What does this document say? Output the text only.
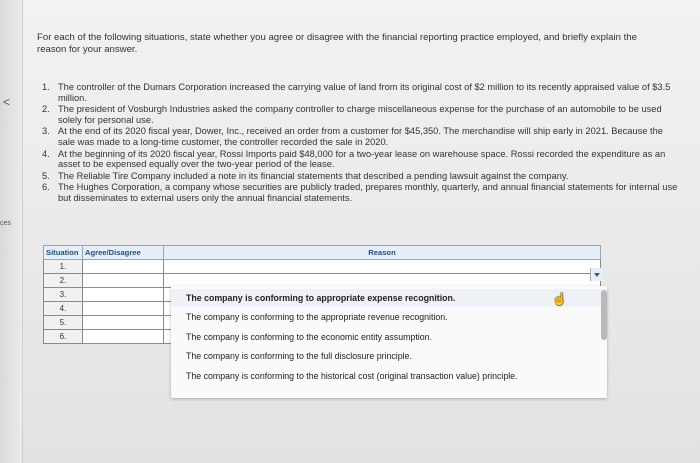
<
ces
For each of the following situations, state whether you agree or disagree with the financial reporting practice employed, and briefly explain the reason for your answer.
1. The controller of the Dumars Corporation increased the carrying value of land from its original cost of $2 million to its recently appraised value of $3.5 million.
2. The president of Vosburgh Industries asked the company controller to charge miscellaneous expense for the purchase of an automobile to be used solely for personal use.
3. At the end of its 2020 fiscal year, Dower, Inc., received an order from a customer for $45,350. The merchandise will ship early in 2021. Because the sale was made to a long-time customer, the controller recorded the sale in 2020.
4. At the beginning of its 2020 fiscal year, Rossi Imports paid $48,000 for a two-year lease on warehouse space. Rossi recorded the expenditure as an asset to be expensed equally over the two-year period of the lease.
5. The Reliable Tire Company included a note in its financial statements that described a pending lawsuit against the company.
6. The Hughes Corporation, a company whose securities are publicly traded, prepares monthly, quarterly, and annual financial statements for internal use but disseminates to external users only the annual financial statements.
Situation	Agree/Disagree	Reason
1.		
2.		
3.		
4.		
5.		
6.		
The company is conforming to appropriate expense recognition.
The company is conforming to the appropriate revenue recognition.
The company is conforming to the economic entity assumption.
The company is conforming to the full disclosure principle.
The company is conforming to the historical cost (original transaction value) principle.
☝
